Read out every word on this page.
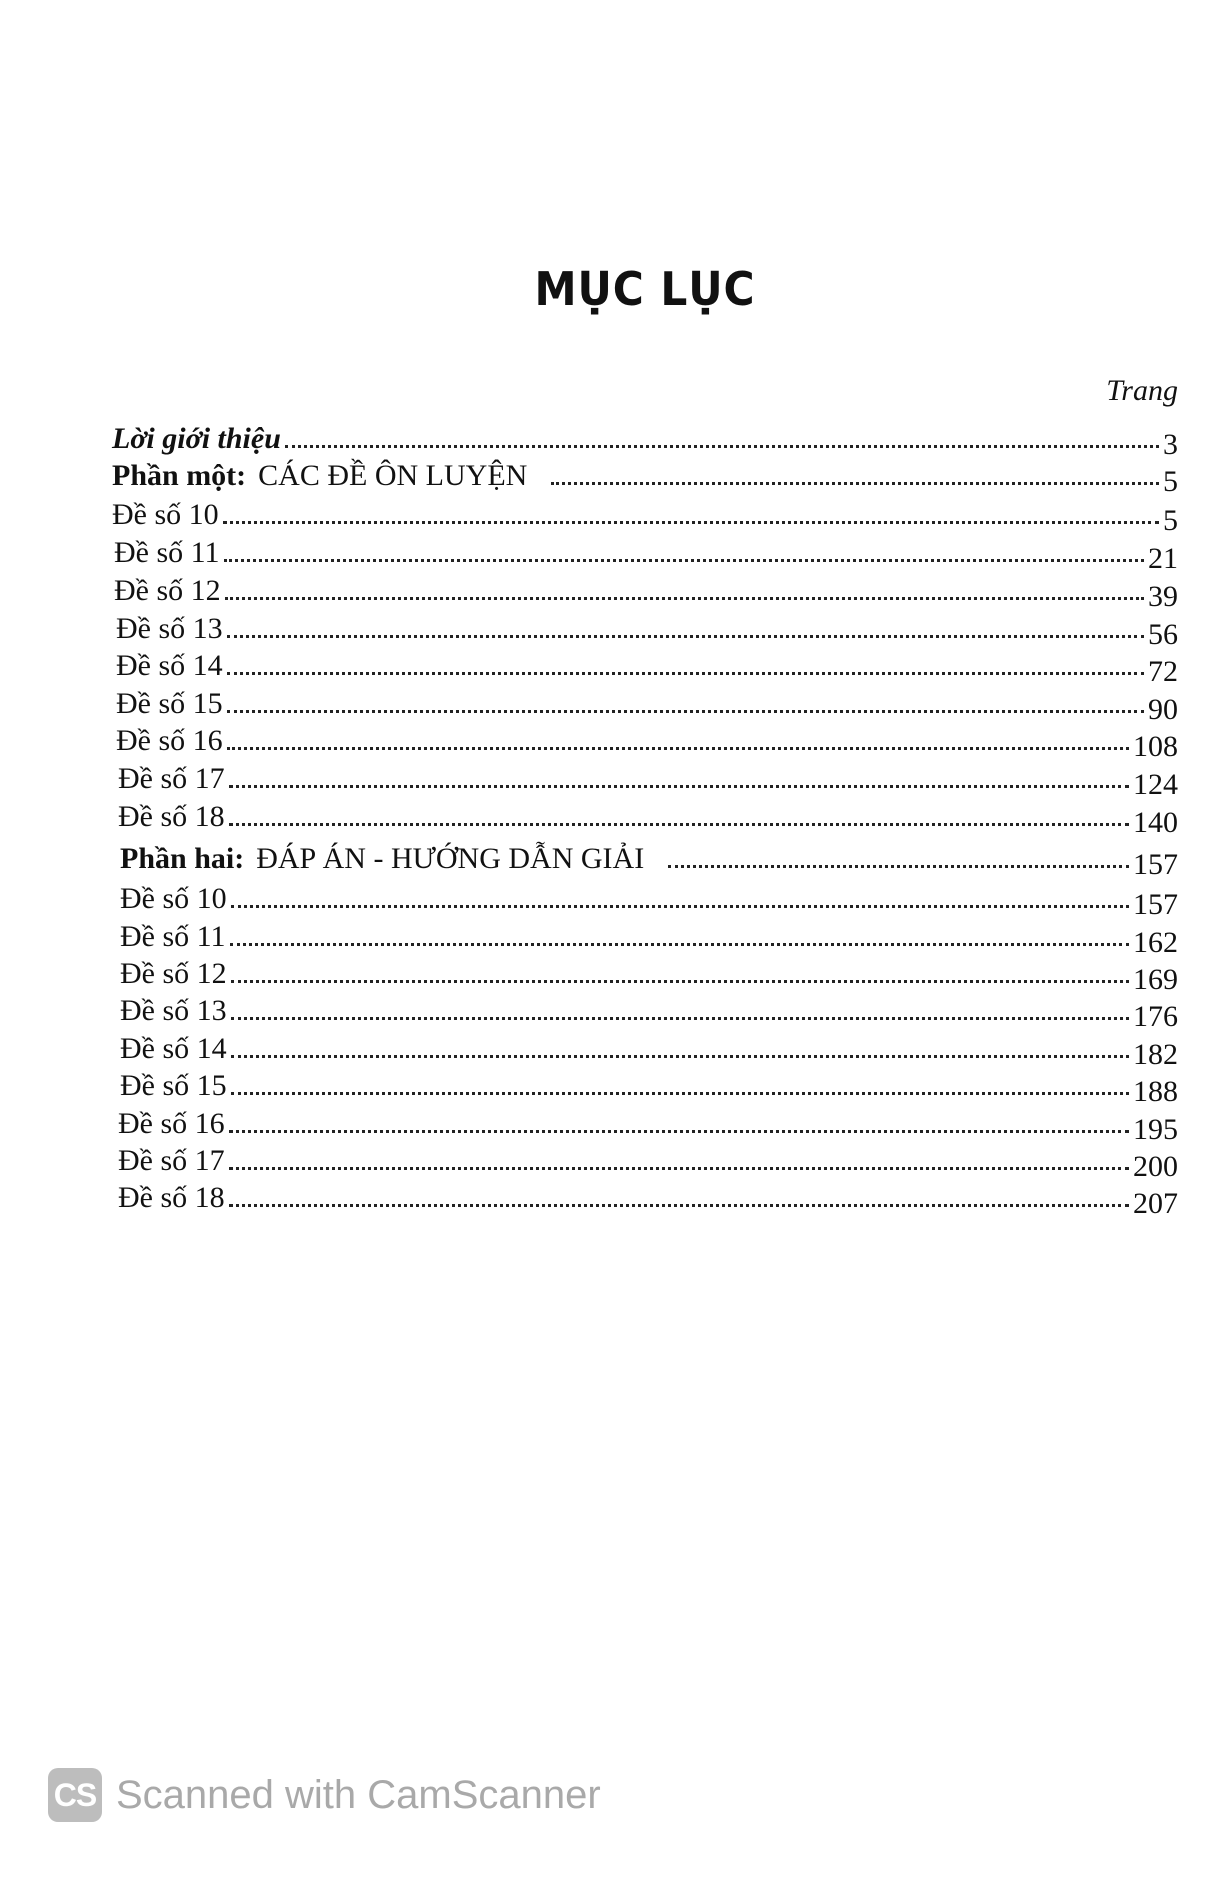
MỤC LỤC
Trang
Lời giới thiệu	3
Phần một: CÁC ĐỀ ÔN LUYỆN	5
Đề số 10	5
Đề số 11	21
Đề số 12	39
Đề số 13	56
Đề số 14	72
Đề số 15	90
Đề số 16	108
Đề số 17	124
Đề số 18	140
Phần hai: ĐÁP ÁN - HƯỚNG DẪN GIẢI	157
Đề số 10	157
Đề số 11	162
Đề số 12	169
Đề số 13	176
Đề số 14	182
Đề số 15	188
Đề số 16	195
Đề số 17	200
Đề số 18	207
CS Scanned with CamScanner
